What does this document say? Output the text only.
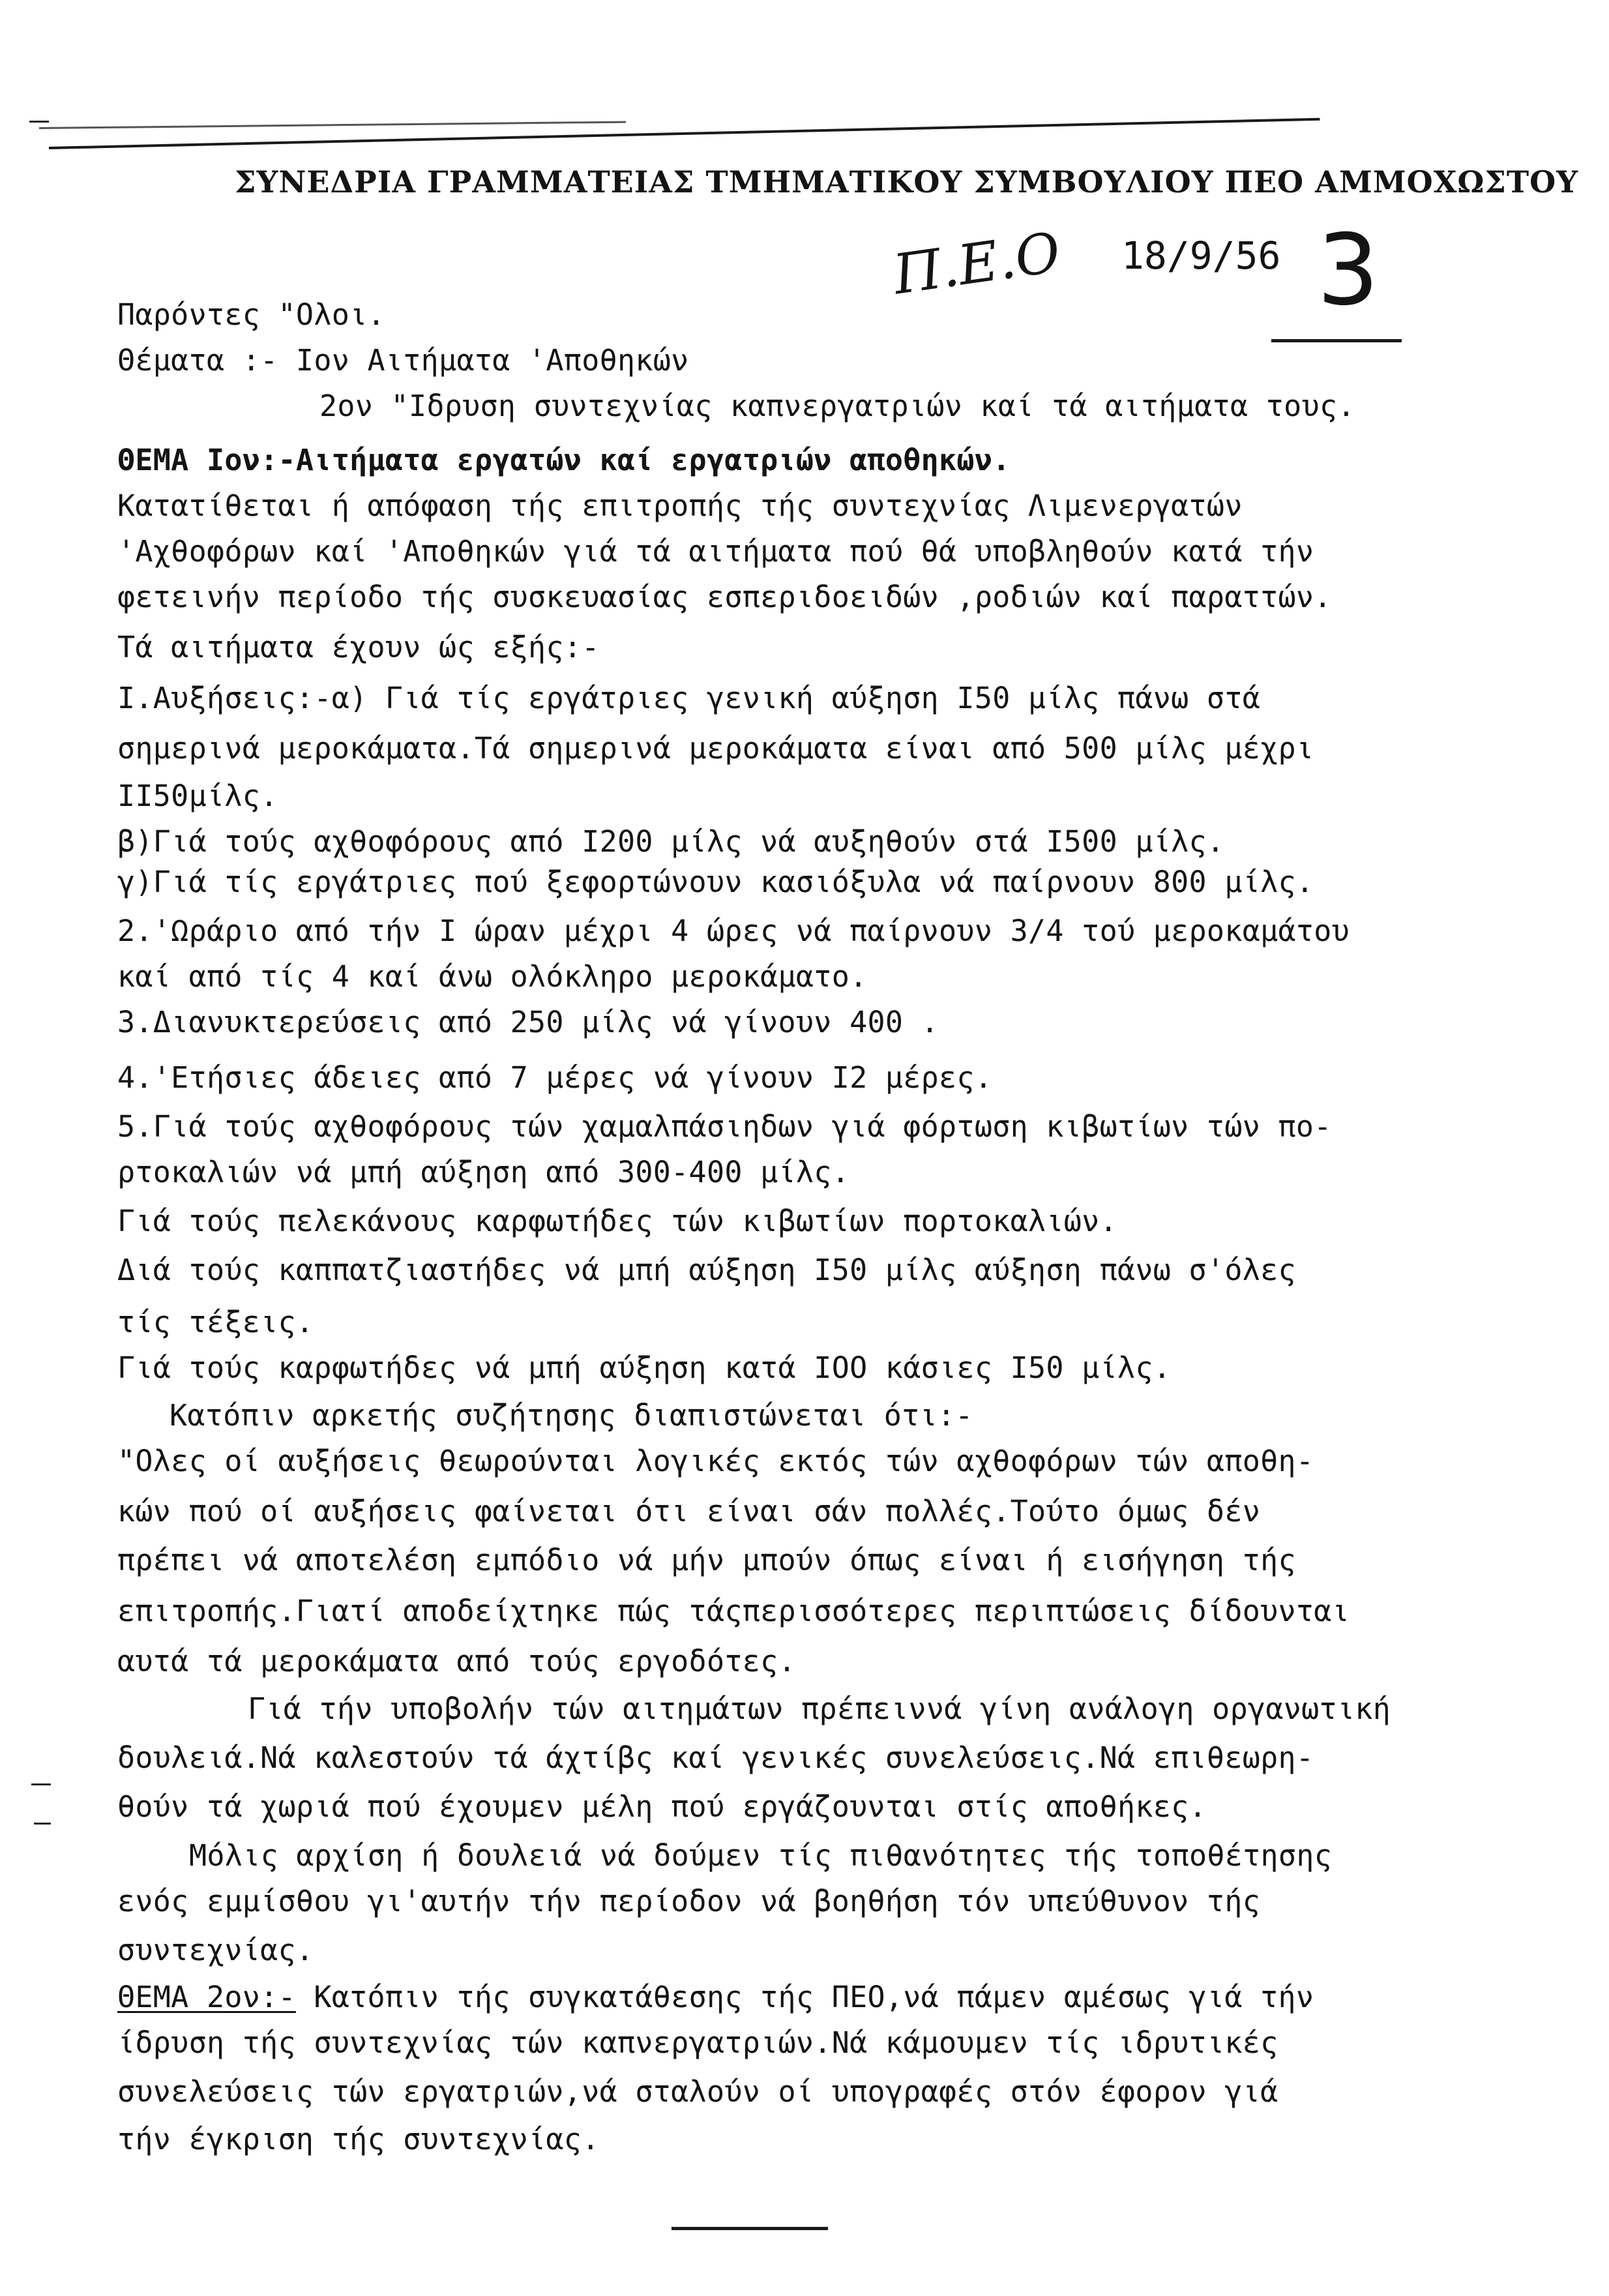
ΣΥΝΕΔΡΙΑ ΓΡΑΜΜΑΤΕΙΑΣ ΤΜΗΜΑΤΙΚΟΥ ΣΥΜΒΟΥΛΙΟΥ ΠΕΟ ΑΜΜΟΧΩΣΤΟΥ
Π.Ε.Ο 18/9/56 3
Παρόντες "Ολοι.
Θέματα :- Ιον Αιτήματα 'Αποθηκών
2ον "Ιδρυση συντεχνίας καπνεργατριών καί τά αιτήματα τους.
ΘΕΜΑ Ιον:-Αιτήματα εργατών καί εργατριών αποθηκών.
Κατατίθεται ή απόφαση τής επιτροπής τής συντεχνίας Λιμενεργατών
'Αχθοφόρων καί 'Αποθηκών γιά τά αιτήματα πού θά υποβληθούν κατά τήν
φετεινήν περίοδο τής συσκευασίας εσπεριδοειδών ,ροδιών καί παραττών.
Τά αιτήματα έχουν ώς εξής:-
Ι.Αυξήσεις:-α) Γιά τίς εργάτριες γενική αύξηση Ι50 μίλς πάνω στά
σημερινά μεροκάματα.Τά σημερινά μεροκάματα είναι από 500 μίλς μέχρι
ΙΙ50μίλς.
β)Γιά τούς αχθοφόρους από Ι200 μίλς νά αυξηθούν στά Ι500 μίλς.
γ)Γιά τίς εργάτριες πού ξεφορτώνουν κασιόξυλα νά παίρνουν 800 μίλς.
2.'Ωράριο από τήν Ι ώραν μέχρι 4 ώρες νά παίρνουν 3/4 τού μεροκαμάτου
καί από τίς 4 καί άνω ολόκληρο μεροκάματο.
3.Διανυκτερεύσεις από 250 μίλς νά γίνουν 400 .
4.'Ετήσιες άδειες από 7 μέρες νά γίνουν Ι2 μέρες.
5.Γιά τούς αχθοφόρους τών χαμαλπάσιηδων γιά φόρτωση κιβωτίων τών πο-
ρτοκαλιών νά μπή αύξηση από 300-400 μίλς.
Γιά τούς πελεκάνους καρφωτήδες τών κιβωτίων πορτοκαλιών.
Διά τούς καππατζιαστήδες νά μπή αύξηση Ι50 μίλς αύξηση πάνω σ'όλες
τίς τέξεις.
Γιά τούς καρφωτήδες νά μπή αύξηση κατά ΙΟΟ κάσιες Ι50 μίλς.
Κατόπιν αρκετής συζήτησης διαπιστώνεται ότι:-
"Ολες οί αυξήσεις θεωρούνται λογικές εκτός τών αχθοφόρων τών αποθη-
κών πού οί αυξήσεις φαίνεται ότι είναι σάν πολλές.Τούτο όμως δέν
πρέπει νά αποτελέση εμπόδιο νά μήν μπούν όπως είναι ή εισήγηση τής
επιτροπής.Γιατί αποδείχτηκε πώς τάςπερισσότερες περιπτώσεις δίδουνται
αυτά τά μεροκάματα από τούς εργοδότες.
Γιά τήν υποβολήν τών αιτημάτων πρέπειννά γίνη ανάλογη οργανωτική
δουλειά.Νά καλεστούν τά άχτίβς καί γενικές συνελεύσεις.Νά επιθεωρη-
θούν τά χωριά πού έχουμεν μέλη πού εργάζουνται στίς αποθήκες.
Μόλις αρχίση ή δουλειά νά δούμεν τίς πιθανότητες τής τοποθέτησης
ενός εμμίσθου γι'αυτήν τήν περίοδον νά βοηθήση τόν υπεύθυνον τής
συντεχνίας.
ΘΕΜΑ 2ον:- Κατόπιν τής συγκατάθεσης τής ΠΕΟ,νά πάμεν αμέσως γιά τήν
ίδρυση τής συντεχνίας τών καπνεργατριών.Νά κάμουμεν τίς ιδρυτικές
συνελεύσεις τών εργατριών,νά σταλούν οί υπογραφές στόν έφορον γιά
τήν έγκριση τής συντεχνίας.
